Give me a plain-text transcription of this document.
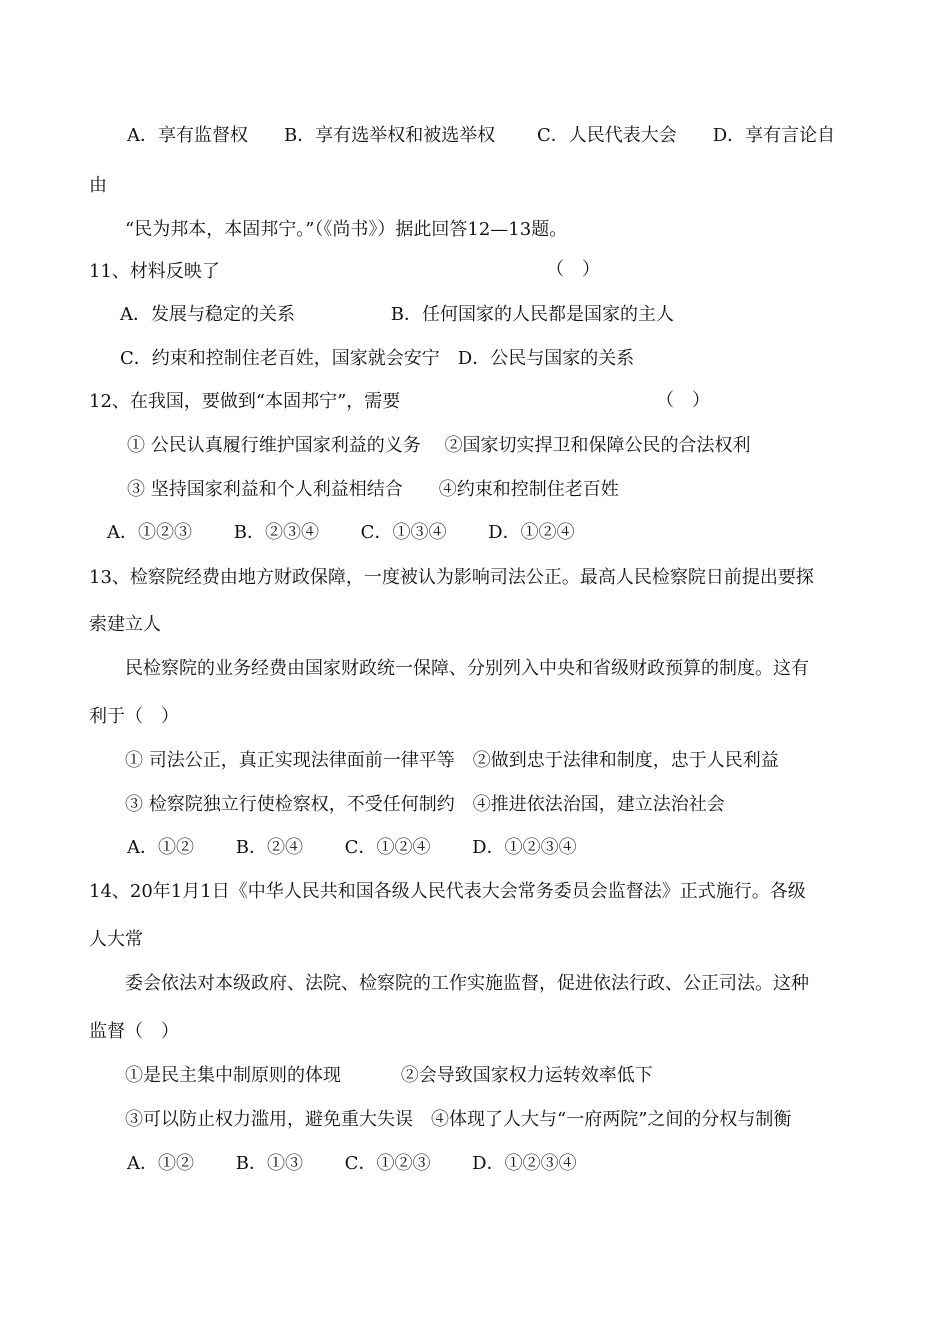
A．享有监督权　　B．享有选举权和被选举权　　 C．人民代表大会　　D．享有言论自
由
“民为邦本，本固邦宁。”（《尚书》）据此回答12—13题。
11、材料反映了	（　）
A．发展与稳定的关系　　　　　 B．任何国家的人民都是国家的主人
C．约束和控制住老百姓，国家就会安宁　D．公民与国家的关系
12、在我国，要做到“本固邦宁”，需要	（　）
① 公民认真履行维护国家利益的义务　 ②国家切实捍卫和保障公民的合法权利
③ 坚持国家利益和个人利益相结合　　④约束和控制住老百姓
A．①②③　　 B．②③④　　 C．①③④　　 D．①②④
13、检察院经费由地方财政保障，一度被认为影响司法公正。最高人民检察院日前提出要探
索建立人
民检察院的业务经费由国家财政统一保障、分别列入中央和省级财政预算的制度。这有
利于（　）
① 司法公正，真正实现法律面前一律平等　②做到忠于法律和制度，忠于人民利益
③ 检察院独立行使检察权，不受任何制约　④推进依法治国，建立法治社会
A．①②　　 B．②④　　 C．①②④　　 D．①②③④
14、20年1月1日《中华人民共和国各级人民代表大会常务委员会监督法》正式施行。各级
人大常
委会依法对本级政府、法院、检察院的工作实施监督，促进依法行政、公正司法。这种
监督（　）
①是民主集中制原则的体现　　　 ②会导致国家权力运转效率低下
③可以防止权力滥用，避免重大失误　④体现了人大与“一府两院”之间的分权与制衡
A．①②　　 B．①③　　 C．①②③　　 D．①②③④
